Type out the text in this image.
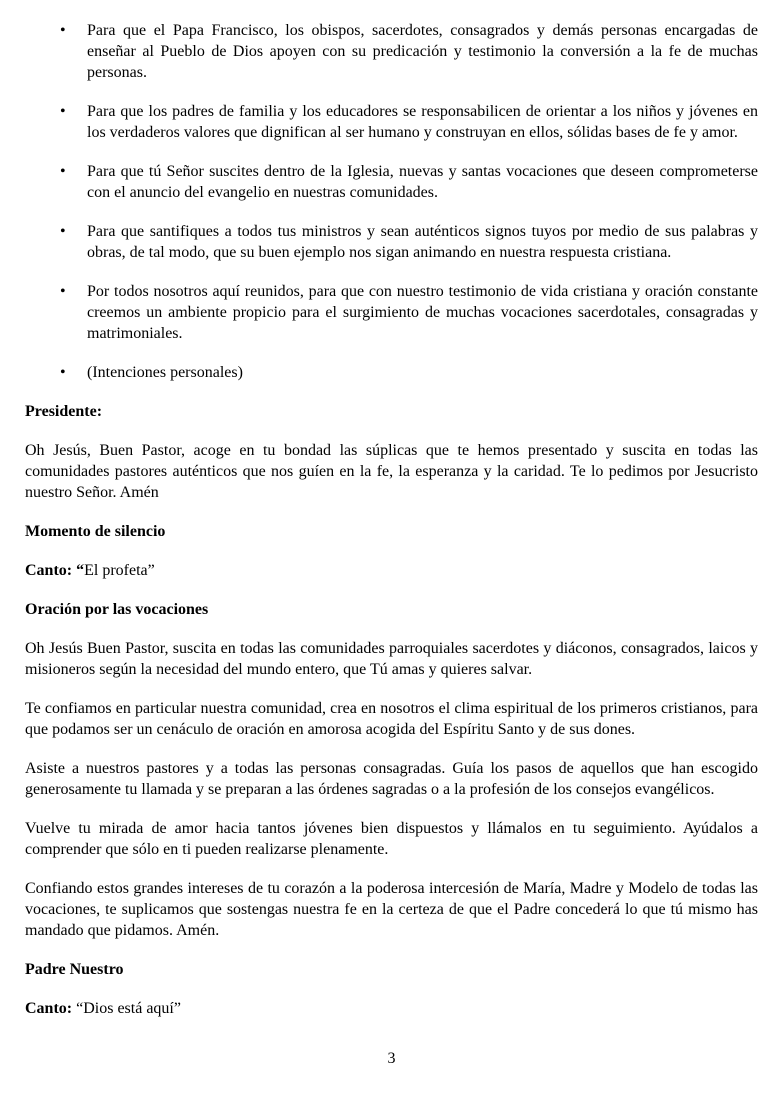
• Para que el Papa Francisco, los obispos, sacerdotes, consagrados y demás personas encargadas de enseñar al Pueblo de Dios apoyen con su predicación y testimonio la conversión a la fe de muchas personas.
• Para que los padres de familia y los educadores se responsabilicen de orientar a los niños y jóvenes en los verdaderos valores que dignifican al ser humano y construyan en ellos, sólidas bases de fe y amor.
• Para que tú Señor suscites dentro de la Iglesia, nuevas y santas vocaciones que deseen comprometerse con el anuncio del evangelio en nuestras comunidades.
• Para que santifiques a todos tus ministros y sean auténticos signos tuyos por medio de sus palabras y obras, de tal modo, que su buen ejemplo nos sigan animando en nuestra respuesta cristiana.
• Por todos nosotros aquí reunidos, para que con nuestro testimonio de vida cristiana y oración constante creemos un ambiente propicio para el surgimiento de muchas vocaciones sacerdotales, consagradas y matrimoniales.
• (Intenciones personales)

Presidente:

Oh Jesús, Buen Pastor, acoge en tu bondad las súplicas que te hemos presentado y suscita en todas las comunidades pastores auténticos que nos guíen en la fe, la esperanza y la caridad. Te lo pedimos por Jesucristo nuestro Señor. Amén

Momento de silencio

Canto: “El profeta”

Oración por las vocaciones

Oh Jesús Buen Pastor, suscita en todas las comunidades parroquiales sacerdotes y diáconos, consagrados, laicos y misioneros según la necesidad del mundo entero, que Tú amas y quieres salvar.

Te confiamos en particular nuestra comunidad, crea en nosotros el clima espiritual de los primeros cristianos, para que podamos ser un cenáculo de oración en amorosa acogida del Espíritu Santo y de sus dones.

Asiste a nuestros pastores y a todas las personas consagradas. Guía los pasos de aquellos que han escogido generosamente tu llamada y se preparan a las órdenes sagradas o a la profesión de los consejos evangélicos.

Vuelve tu mirada de amor hacia tantos jóvenes bien dispuestos y llámalos en tu seguimiento. Ayúdalos a comprender que sólo en ti pueden realizarse plenamente.

Confiando estos grandes intereses de tu corazón a la poderosa intercesión de María, Madre y Modelo de todas las vocaciones, te suplicamos que sostengas nuestra fe en la certeza de que el Padre concederá lo que tú mismo has mandado que pidamos. Amén.

Padre Nuestro

Canto: “Dios está aquí”

3
